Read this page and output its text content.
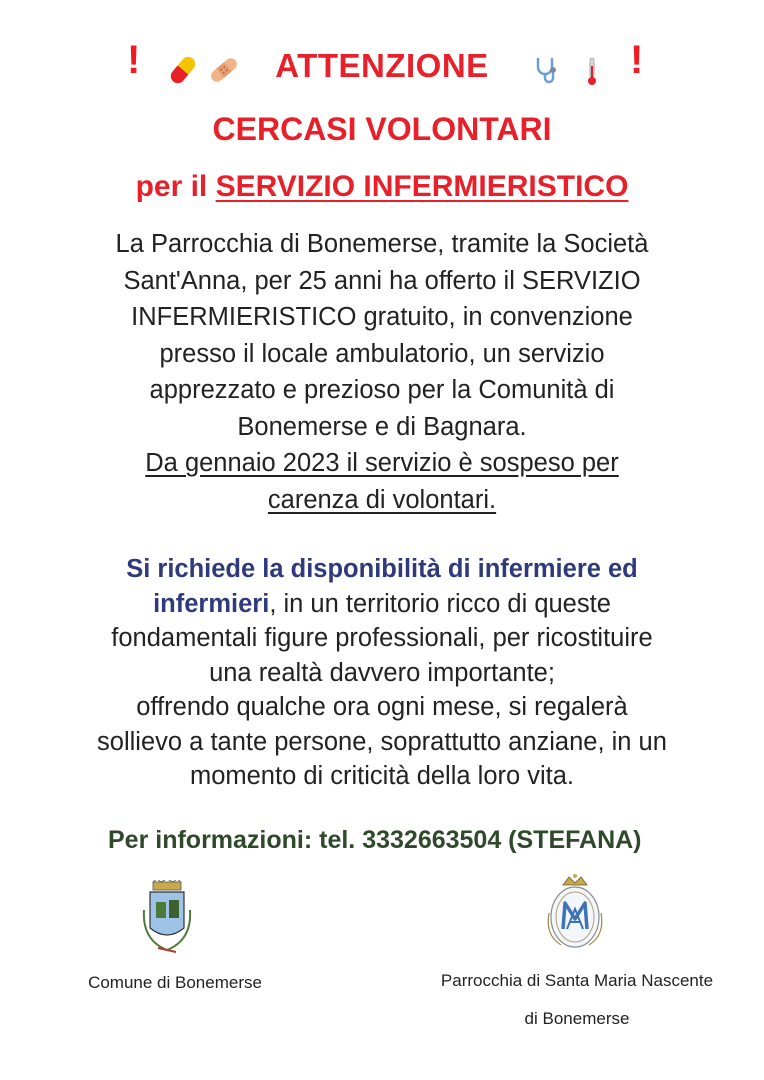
!	!
ATTENZIONE
CERCASI VOLONTARI
per il SERVIZIO INFERMIERISTICO
La Parrocchia di Bonemerse, tramite la Società
Sant'Anna, per 25 anni ha offerto il SERVIZIO
INFERMIERISTICO gratuito, in convenzione
presso il locale ambulatorio, un servizio
apprezzato e prezioso per la Comunità di
Bonemerse e di Bagnara.
Da gennaio 2023 il servizio è sospeso per
carenza di volontari.
Si richiede la disponibilità di infermiere ed
infermieri, in un territorio ricco di queste
fondamentali figure professionali, per ricostituire
una realtà davvero importante;
offrendo qualche ora ogni mese, si regalerà
sollievo a tante persone, soprattutto anziane, in un
momento di criticità della loro vita.
Per informazioni: tel. 3332663504 (STEFANA)
Comune di Bonemerse	Parrocchia di Santa Maria Nascente
di Bonemerse
